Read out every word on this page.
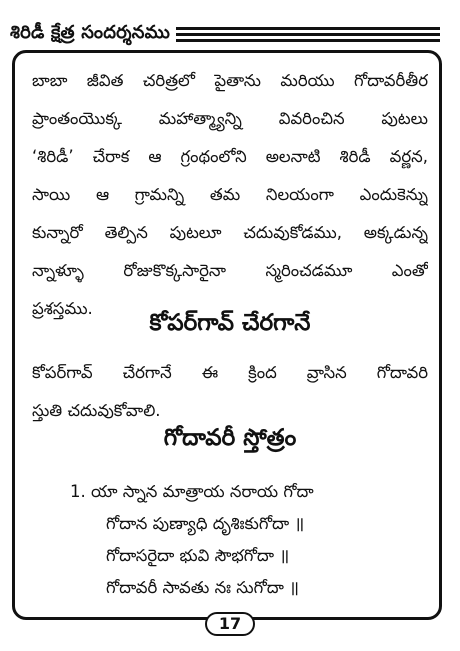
శిరిడీ క్షేత్ర సందర్శనము
బాబా జీవిత చరిత్రలో పైతాను మరియు గోదావరీతీర
ప్రాంతంయొక్క మహాత్మ్యాన్ని వివరించిన పుటలు
‘శిరిడీ’ చేరాక ఆ గ్రంథంలోని అలనాటి శిరిడీ వర్ణన,
సాయి ఆ గ్రామన్ని తమ నిలయంగా ఎందుకెన్ను
కున్నారో తెల్పిన పుటలూ చదువుకోడము, అక్కడున్న
న్నాళ్ళూ రోజుకొక్కసారైనా స్మరించడమూ ఎంతో
ప్రశస్తము.
కోపర్‌గావ్ చేరగానే
కోపర్‌గావ్ చేరగానే ఈ క్రింద వ్రాసిన గోదావరి
స్తుతి చదువుకోవాలి.
గోదావరీ స్తోత్రం
1. యా స్నాన మాత్రాయ నరాయ గోదా
గోదాన పుణ్యాధి దృశిఃకుగోదా ॥
గోదాసరైదా భువి సౌభగోదా ॥
గోదావరీ సావతు నః సుగోదా ॥
17
